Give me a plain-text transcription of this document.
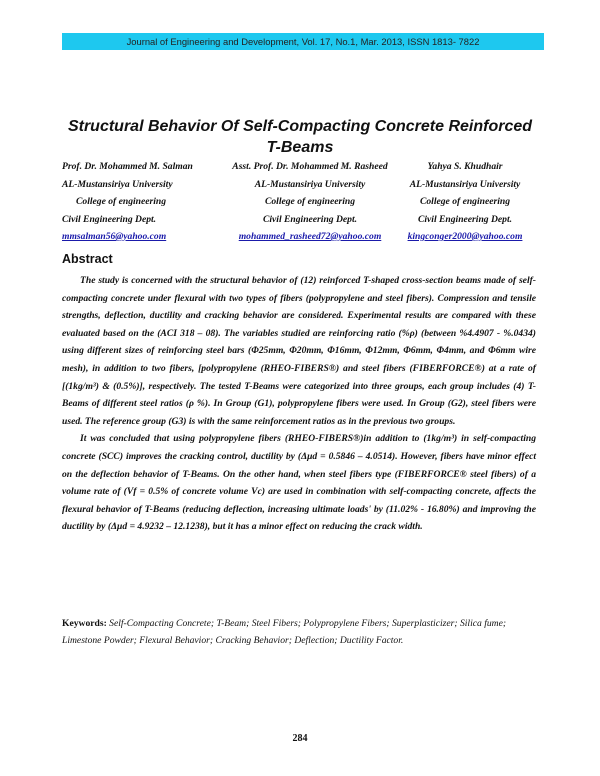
Journal of Engineering and Development, Vol. 17, No.1, Mar. 2013, ISSN 1813- 7822
Structural Behavior Of Self-Compacting Concrete Reinforced
T-Beams
Prof. Dr. Mohammed M. Salman
AL-Mustansiriya University
College of engineering
Civil Engineering Dept.
mmsalman56@yahoo.com
Asst. Prof. Dr. Mohammed M. Rasheed
AL-Mustansiriya University
College of engineering
Civil Engineering Dept.
mohammed_rasheed72@yahoo.com
Yahya S. Khudhair
AL-Mustansiriya University
College of engineering
Civil Engineering Dept.
kingconger2000@yahoo.com
Abstract

The study is concerned with the structural behavior of (12) reinforced T-shaped cross-section beams made of self-compacting concrete under flexural with two types of fibers (polypropylene and steel fibers). Compression and tensile strengths, deflection, ductility and cracking behavior are considered. Experimental results are compared with these evaluated based on the (ACI 318 – 08). The variables studied are reinforcing ratio (%ρ) (between %4.4907 - %.0434) using different sizes of reinforcing steel bars (Φ25mm, Φ20mm, Φ16mm, Φ12mm, Φ6mm, Φ4mm, and Φ6mm wire mesh), in addition to two fibers, [polypropylene (RHEO-FIBERS®) and steel fibers (FIBERFORCE®) at a rate of [(1kg/m³) & (0.5%)], respectively. The tested T-Beams were categorized into three groups, each group includes (4) T-Beams of different steel ratios (ρ %). In Group (G1), polypropylene fibers were used. In Group (G2), steel fibers were used. The reference group (G3) is with the same reinforcement ratios as in the previous two groups.

It was concluded that using polypropylene fibers (RHEO-FIBERS®)in addition to (1kg/m³) in self-compacting concrete (SCC) improves the cracking control, ductility by (Δμd = 0.5846 – 4.0514). However, fibers have minor effect on the deflection behavior of T-Beams. On the other hand, when steel fibers type (FIBERFORCE® steel fibers) of a volume rate of (Vf = 0.5% of concrete volume Vc) are used in combination with self-compacting concrete, affects the flexural behavior of T-Beams (reducing deflection, increasing ultimate loads' by (11.02% - 16.80%) and improving the ductility by (Δμd = 4.9232 – 12.1238), but it has a minor effect on reducing the crack width.

Keywords: Self-Compacting Concrete; T-Beam; Steel Fibers; Polypropylene Fibers; Superplasticizer; Silica fume; Limestone Powder; Flexural Behavior; Cracking Behavior; Deflection; Ductility Factor.
284
